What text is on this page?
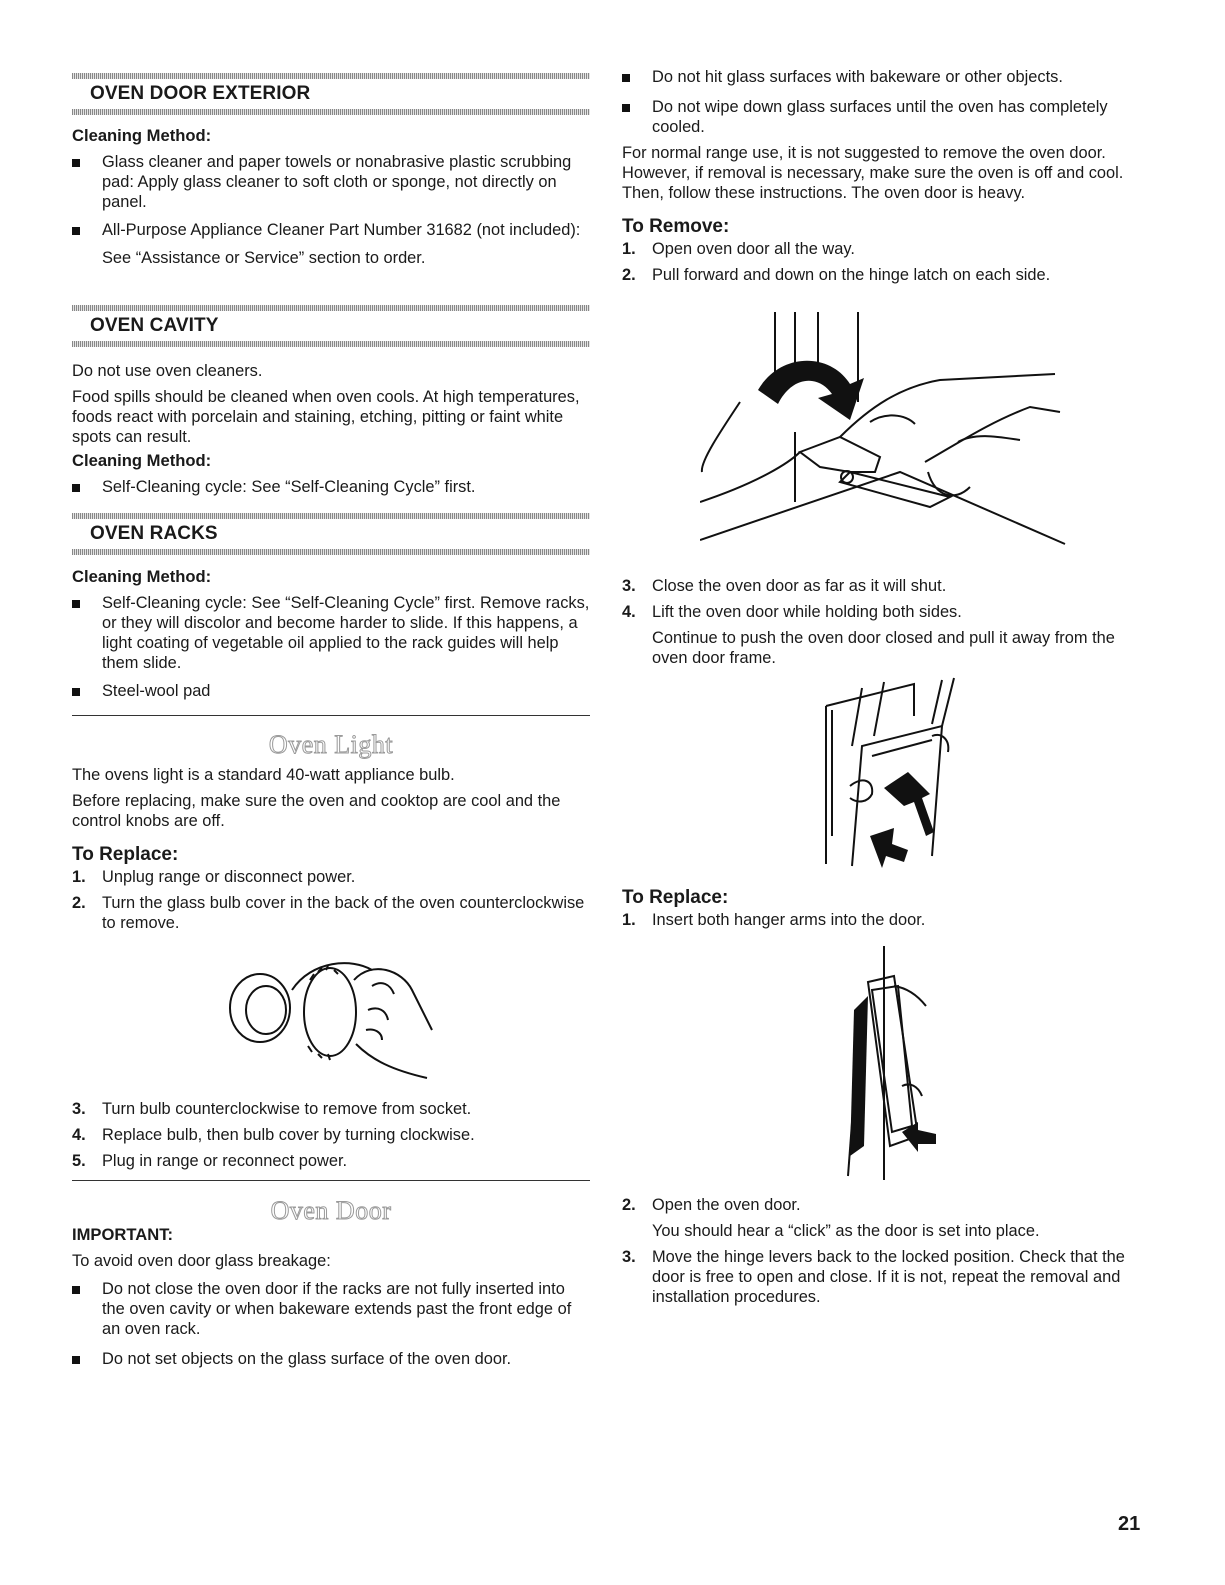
OVEN DOOR EXTERIOR
Cleaning Method:
Glass cleaner and paper towels or nonabrasive plastic scrubbing pad: Apply glass cleaner to soft cloth or sponge, not directly on panel.
All-Purpose Appliance Cleaner Part Number 31682 (not included):
See “Assistance or Service” section to order.
OVEN CAVITY
Do not use oven cleaners.
Food spills should be cleaned when oven cools. At high temperatures, foods react with porcelain and staining, etching, pitting or faint white spots can result.
Cleaning Method:
Self-Cleaning cycle: See “Self-Cleaning Cycle” first.
OVEN RACKS
Cleaning Method:
Self-Cleaning cycle: See “Self-Cleaning Cycle” first. Remove racks, or they will discolor and become harder to slide. If this happens, a light coating of vegetable oil applied to the rack guides will help them slide.
Steel-wool pad
Oven Light
The ovens light is a standard 40-watt appliance bulb.
Before replacing, make sure the oven and cooktop are cool and the control knobs are off.
To Replace:
1. Unplug range or disconnect power.
2. Turn the glass bulb cover in the back of the oven counterclockwise to remove.
3. Turn bulb counterclockwise to remove from socket.
4. Replace bulb, then bulb cover by turning clockwise.
5. Plug in range or reconnect power.
Oven Door
IMPORTANT:
To avoid oven door glass breakage:
Do not close the oven door if the racks are not fully inserted into the oven cavity or when bakeware extends past the front edge of an oven rack.
Do not set objects on the glass surface of the oven door.
Do not hit glass surfaces with bakeware or other objects.
Do not wipe down glass surfaces until the oven has completely cooled.
For normal range use, it is not suggested to remove the oven door. However, if removal is necessary, make sure the oven is off and cool. Then, follow these instructions. The oven door is heavy.
To Remove:
1. Open oven door all the way.
2. Pull forward and down on the hinge latch on each side.
3. Close the oven door as far as it will shut.
4. Lift the oven door while holding both sides.
Continue to push the oven door closed and pull it away from the oven door frame.
To Replace:
1. Insert both hanger arms into the door.
2. Open the oven door.
You should hear a “click” as the door is set into place.
3. Move the hinge levers back to the locked position. Check that the door is free to open and close. If it is not, repeat the removal and installation procedures.
21
